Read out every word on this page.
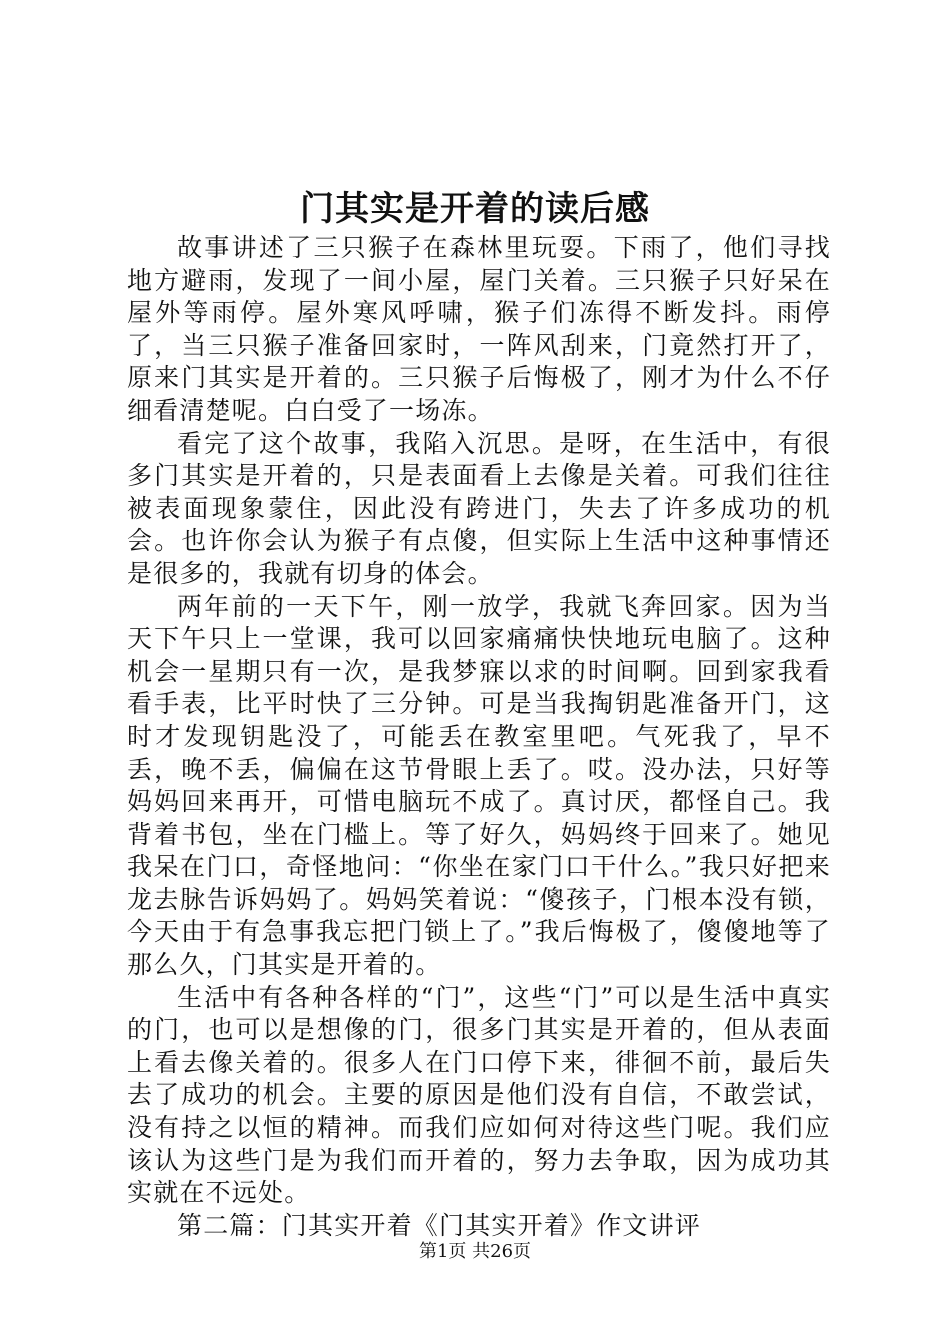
门其实是开着的读后感

故事讲述了三只猴子在森林里玩耍。下雨了，他们寻找地方避雨，发现了一间小屋，屋门关着。三只猴子只好呆在屋外等雨停。屋外寒风呼啸，猴子们冻得不断发抖。雨停了，当三只猴子准备回家时，一阵风刮来，门竟然打开了，原来门其实是开着的。三只猴子后悔极了，刚才为什么不仔细看清楚呢。白白受了一场冻。

看完了这个故事，我陷入沉思。是呀，在生活中，有很多门其实是开着的，只是表面看上去像是关着。可我们往往被表面现象蒙住，因此没有跨进门，失去了许多成功的机会。也许你会认为猴子有点傻，但实际上生活中这种事情还是很多的，我就有切身的体会。

两年前的一天下午，刚一放学，我就飞奔回家。因为当天下午只上一堂课，我可以回家痛痛快快地玩电脑了。这种机会一星期只有一次，是我梦寐以求的时间啊。回到家我看看手表，比平时快了三分钟。可是当我掏钥匙准备开门，这时才发现钥匙没了，可能丢在教室里吧。气死我了，早不丢，晚不丢，偏偏在这节骨眼上丢了。哎。没办法，只好等妈妈回来再开，可惜电脑玩不成了。真讨厌，都怪自己。我背着书包，坐在门槛上。等了好久，妈妈终于回来了。她见我呆在门口，奇怪地问：“你坐在家门口干什么。”我只好把来龙去脉告诉妈妈了。妈妈笑着说：“傻孩子，门根本没有锁，今天由于有急事我忘把门锁上了。”我后悔极了，傻傻地等了那么久，门其实是开着的。

生活中有各种各样的“门”，这些“门”可以是生活中真实的门，也可以是想像的门，很多门其实是开着的，但从表面上看去像关着的。很多人在门口停下来，徘徊不前，最后失去了成功的机会。主要的原因是他们没有自信，不敢尝试，没有持之以恒的精神。而我们应如何对待这些门呢。我们应该认为这些门是为我们而开着的，努力去争取，因为成功其实就在不远处。

第二篇：门其实开着《门其实开着》作文讲评

第1页 共26页
